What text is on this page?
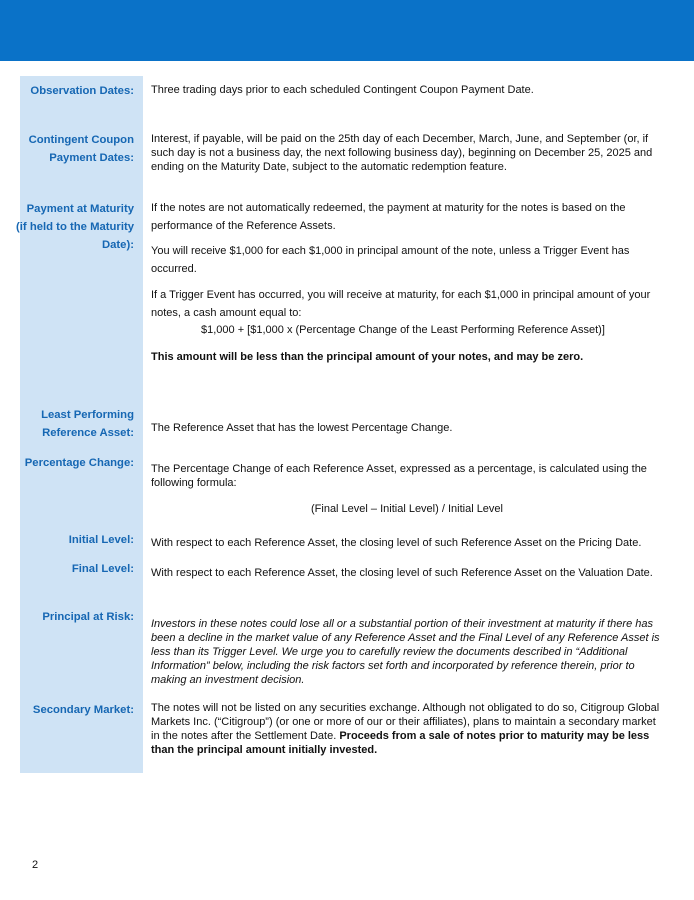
Observation Dates:
Contingent Coupon Payment Dates:
Payment at Maturity (if held to the Maturity Date):
Least Performing Reference Asset:
Percentage Change:
Initial Level:
Final Level:
Principal at Risk:
Secondary Market:

Three trading days prior to each scheduled Contingent Coupon Payment Date.

Interest, if payable, will be paid on the 25th day of each December, March, June, and September (or, if such day is not a business day, the next following business day), beginning on December 25, 2025 and ending on the Maturity Date, subject to the automatic redemption feature.

If the notes are not automatically redeemed, the payment at maturity for the notes is based on the performance of the Reference Assets.

You will receive $1,000 for each $1,000 in principal amount of the note, unless a Trigger Event has occurred.

If a Trigger Event has occurred, you will receive at maturity, for each $1,000 in principal amount of your notes, a cash amount equal to:

$1,000 + [$1,000 x (Percentage Change of the Least Performing Reference Asset)]

This amount will be less than the principal amount of your notes, and may be zero.

The Reference Asset that has the lowest Percentage Change.

The Percentage Change of each Reference Asset, expressed as a percentage, is calculated using the following formula:

(Final Level – Initial Level) / Initial Level

With respect to each Reference Asset, the closing level of such Reference Asset on the Pricing Date.

With respect to each Reference Asset, the closing level of such Reference Asset on the Valuation Date.

Investors in these notes could lose all or a substantial portion of their investment at maturity if there has been a decline in the market value of any Reference Asset and the Final Level of any Reference Asset is less than its Trigger Level. We urge you to carefully review the documents described in “Additional Information” below, including the risk factors set forth and incorporated by reference therein, prior to making an investment decision.

The notes will not be listed on any securities exchange. Although not obligated to do so, Citigroup Global Markets Inc. (“Citigroup”) (or one or more of our or their affiliates), plans to maintain a secondary market in the notes after the Settlement Date. Proceeds from a sale of notes prior to maturity may be less than the principal amount initially invested.

2
